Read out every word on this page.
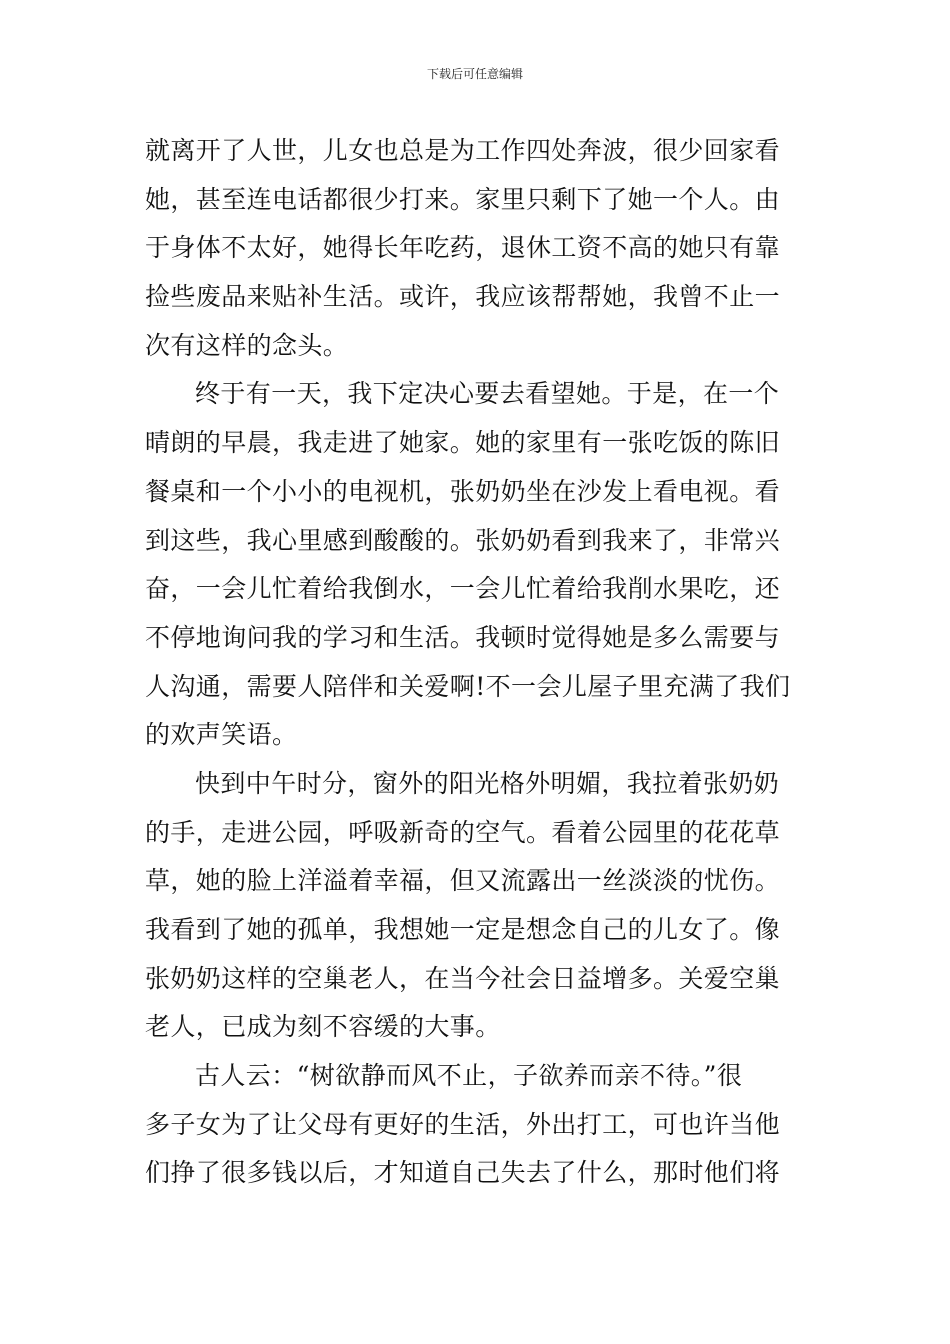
下载后可任意编辑
就离开了人世，儿女也总是为工作四处奔波，很少回家看
她，甚至连电话都很少打来。家里只剩下了她一个人。由
于身体不太好，她得长年吃药，退休工资不高的她只有靠
捡些废品来贴补生活。或许，我应该帮帮她，我曾不止一
次有这样的念头。
终于有一天，我下定决心要去看望她。于是，在一个
晴朗的早晨，我走进了她家。她的家里有一张吃饭的陈旧
餐桌和一个小小的电视机，张奶奶坐在沙发上看电视。看
到这些，我心里感到酸酸的。张奶奶看到我来了，非常兴
奋，一会儿忙着给我倒水，一会儿忙着给我削水果吃，还
不停地询问我的学习和生活。我顿时觉得她是多么需要与
人沟通，需要人陪伴和关爱啊!不一会儿屋子里充满了我们
的欢声笑语。
快到中午时分，窗外的阳光格外明媚，我拉着张奶奶
的手，走进公园，呼吸新奇的空气。看着公园里的花花草
草，她的脸上洋溢着幸福，但又流露出一丝淡淡的忧伤。
我看到了她的孤单，我想她一定是想念自己的儿女了。像
张奶奶这样的空巢老人，在当今社会日益增多。关爱空巢
老人，已成为刻不容缓的大事。
古人云：“树欲静而风不止，子欲养而亲不待。”很
多子女为了让父母有更好的生活，外出打工，可也许当他
们挣了很多钱以后，才知道自己失去了什么，那时他们将
